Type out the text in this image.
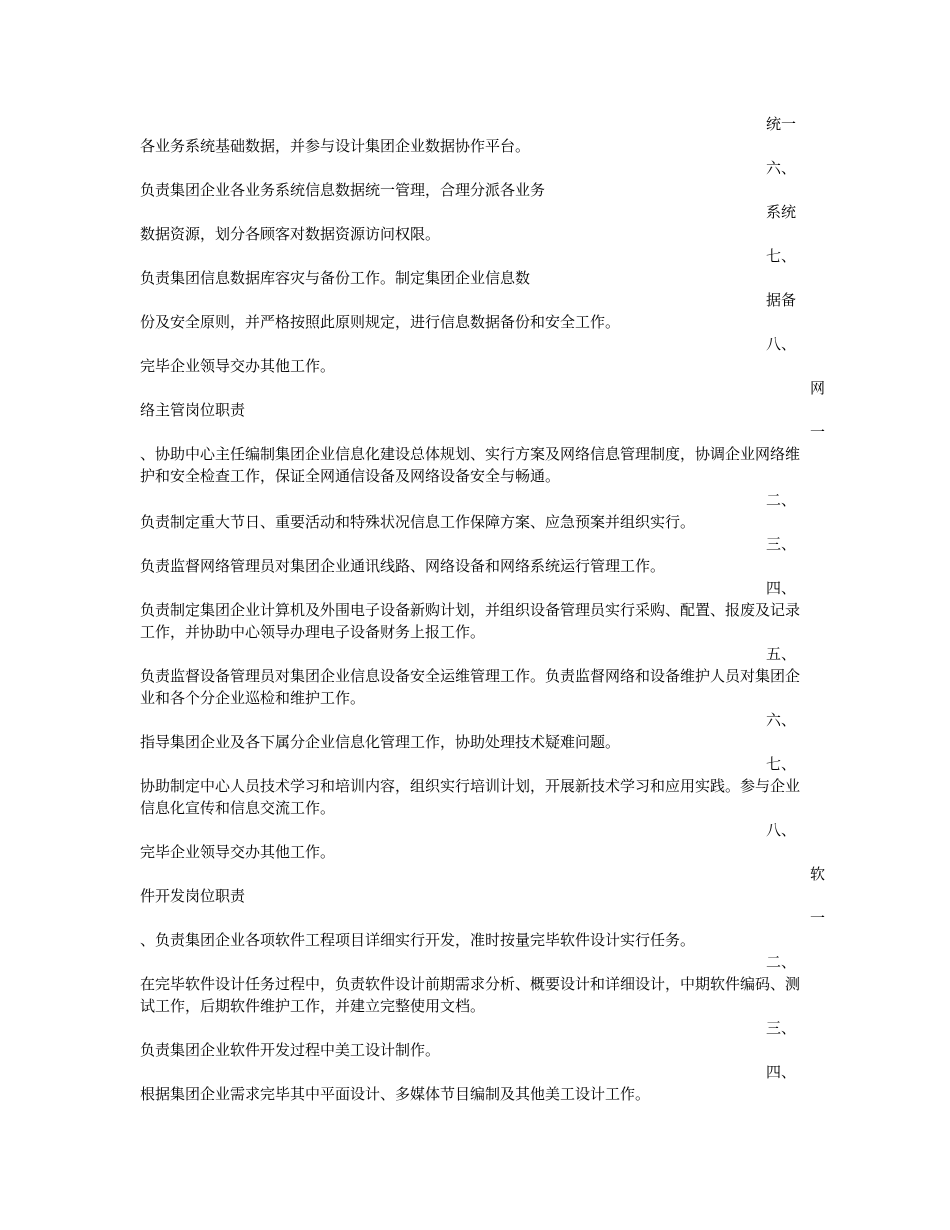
统一
各业务系统基础数据，并参与设计集团企业数据协作平台。
六、
负责集团企业各业务系统信息数据统一管理，合理分派各业务
系统
数据资源，划分各顾客对数据资源访问权限。
七、
负责集团信息数据库容灾与备份工作。制定集团企业信息数
据备
份及安全原则，并严格按照此原则规定，进行信息数据备份和安全工作。
八、
完毕企业领导交办其他工作。
网
络主管岗位职责
一
、协助中心主任编制集团企业信息化建设总体规划、实行方案及网络信息管理制度，协调企业网络维护和安全检查工作，保证全网通信设备及网络设备安全与畅通。
二、
负责制定重大节日、重要活动和特殊状况信息工作保障方案、应急预案并组织实行。
三、
负责监督网络管理员对集团企业通讯线路、网络设备和网络系统运行管理工作。
四、
负责制定集团企业计算机及外围电子设备新购计划，并组织设备管理员实行采购、配置、报废及记录工作，并协助中心领导办理电子设备财务上报工作。
五、
负责监督设备管理员对集团企业信息设备安全运维管理工作。负责监督网络和设备维护人员对集团企业和各个分企业巡检和维护工作。
六、
指导集团企业及各下属分企业信息化管理工作，协助处理技术疑难问题。
七、
协助制定中心人员技术学习和培训内容，组织实行培训计划，开展新技术学习和应用实践。参与企业信息化宣传和信息交流工作。
八、
完毕企业领导交办其他工作。
软
件开发岗位职责
一
、负责集团企业各项软件工程项目详细实行开发，准时按量完毕软件设计实行任务。
二、
在完毕软件设计任务过程中，负责软件设计前期需求分析、概要设计和详细设计，中期软件编码、测试工作，后期软件维护工作，并建立完整使用文档。
三、
负责集团企业软件开发过程中美工设计制作。
四、
根据集团企业需求完毕其中平面设计、多媒体节目编制及其他美工设计工作。
